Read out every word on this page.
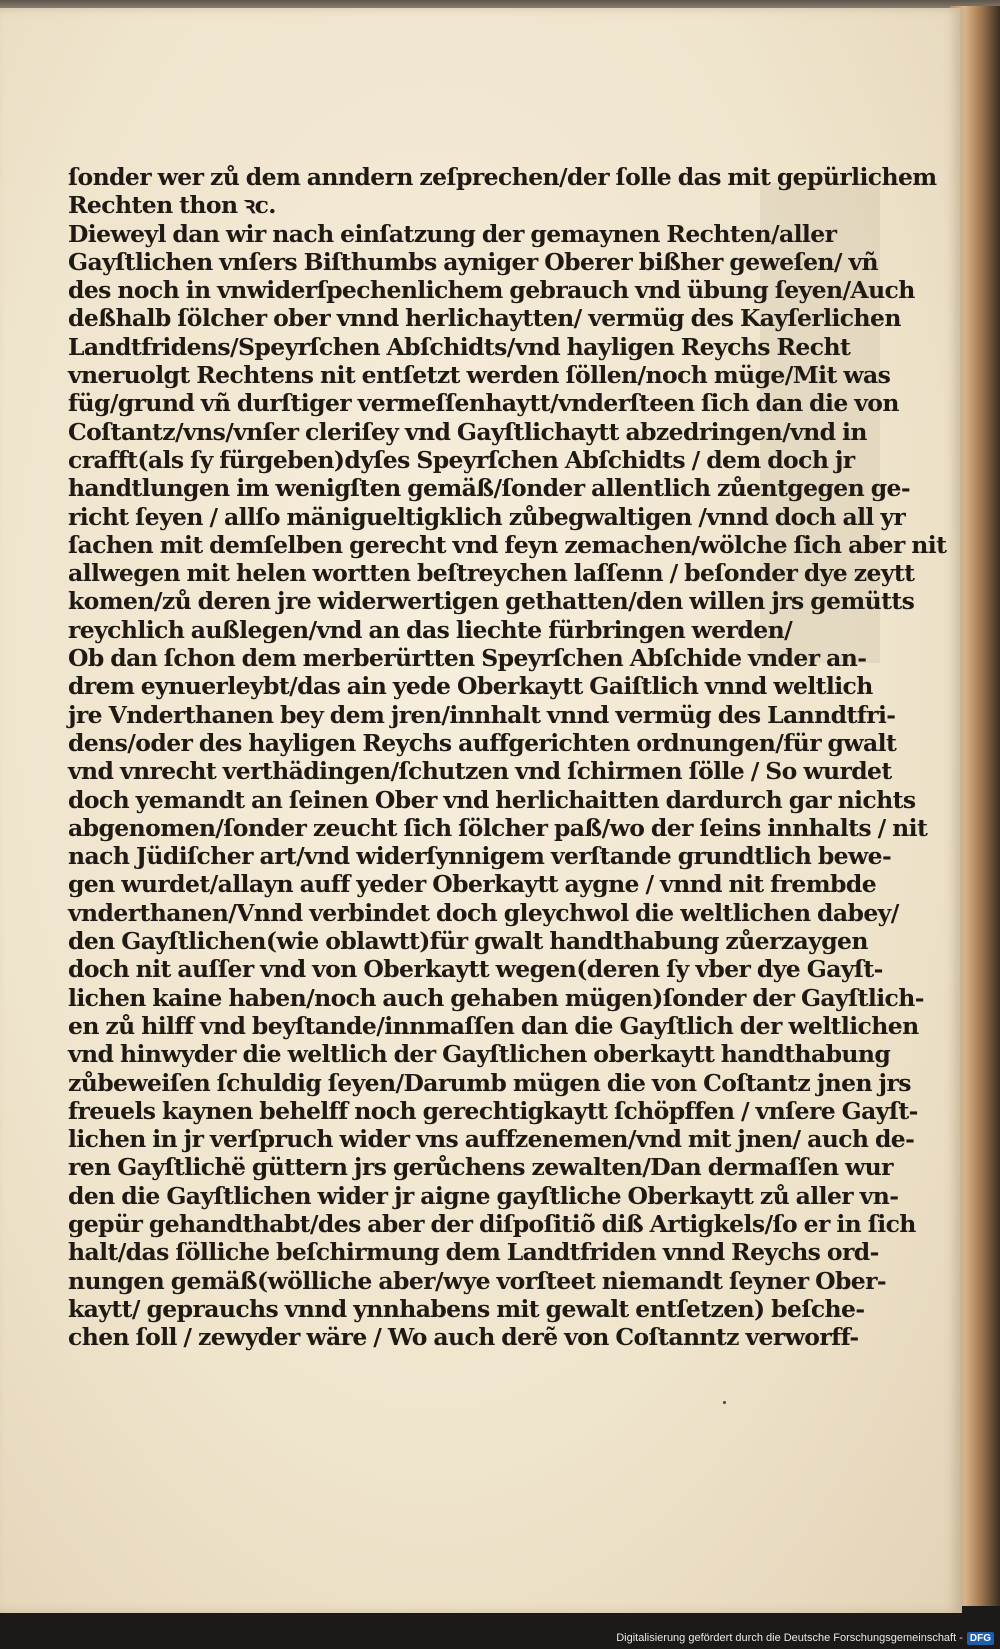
ſonder wer zů dem anndern zeſprechen/der ſolle das mit gepürlichem
Rechten thon ꝛc.
Dieweyl dan wir nach einſatzung der gemaynen Rechten/aller
Gayſtlichen vnſers Biſthumbs ayniger Oberer bißher geweſen/ vñ
des noch in vnwiderſpechenlichem gebrauch vnd übung ſeyen/Auch
deßhalb ſölcher ober vnnd herlichaytten/ vermüg des Kayſerlichen
Landtfridens/Speyrſchen Abſchidts/vnd hayligen Reychs Recht
vneruolgt Rechtens nit entſetzt werden ſöllen/noch müge/Mit was
füg/grund vñ durſtiger vermeſſenhaytt/vnderſteen ſich dan die von
Coſtantz/vns/vnſer cleriſey vnd Gayſtlichaytt abzedringen/vnd in
crafft(als ſy fürgeben)dyſes Speyrſchen Abſchidts / dem doch jr
handtlungen im wenigſten gemäß/ſonder allentlich zůentgegen ge-
richt ſeyen / allſo mänigueltigklich zůbegwaltigen /vnnd doch all yr
ſachen mit demſelben gerecht vnd feyn zemachen/wölche ſich aber nit
allwegen mit helen wortten beſtreychen laſſenn / beſonder dye zeytt
komen/zů deren jre widerwertigen gethatten/den willen jrs gemütts
reychlich außlegen/vnd an das liechte fürbringen werden/
Ob dan ſchon dem merberürtten Speyrſchen Abſchide vnder an-
drem eynuerleybt/das ain yede Oberkaytt Gaiſtlich vnnd weltlich
jre Vnderthanen bey dem jren/innhalt vnnd vermüg des Lanndtfri-
dens/oder des hayligen Reychs auffgerichten ordnungen/für gwalt
vnd vnrecht verthädingen/ſchutzen vnd ſchirmen ſölle / So wurdet
doch yemandt an ſeinen Ober vnd herlichaitten dardurch gar nichts
abgenomen/ſonder zeucht ſich ſölcher paß/wo der ſeins innhalts / nit
nach Jüdiſcher art/vnd widerſynnigem verſtande grundtlich bewe-
gen wurdet/allayn auff yeder Oberkaytt aygne / vnnd nit frembde
vnderthanen/Vnnd verbindet doch gleychwol die weltlichen dabey/
den Gayſtlichen(wie oblawtt)für gwalt handthabung zůerzaygen
doch nit auſſer vnd von Oberkaytt wegen(deren ſy vber dye Gayſt-
lichen kaine haben/noch auch gehaben mügen)ſonder der Gayſtlich-
en zů hilff vnd beyſtande/innmaſſen dan die Gayſtlich der weltlichen
vnd hinwyder die weltlich der Gayſtlichen oberkaytt handthabung
zůbeweiſen ſchuldig ſeyen/Darumb mügen die von Coſtantz jnen jrs
freuels kaynen behelff noch gerechtigkaytt ſchöpffen / vnſere Gayſt-
lichen in jr verſpruch wider vns auffzenemen/vnd mit jnen/ auch de-
ren Gayſtlichë güttern jrs gerůchens zewalten/Dan dermaſſen wur
den die Gayſtlichen wider jr aigne gayſtliche Oberkaytt zů aller vn-
gepür gehandthabt/des aber der diſpoſitiõ diß Artigkels/ſo er in ſich
halt/das ſölliche beſchirmung dem Landtfriden vnnd Reychs ord-
nungen gemäß(wölliche aber/wye vorſteet niemandt ſeyner Ober-
kaytt/ geprauchs vnnd ynnhabens mit gewalt entſetzen) beſche-
chen ſoll / zewyder wäre / Wo auch derẽ von Coſtanntz verworff-
Digitalisierung gefördert durch die Deutsche Forschungsgemeinschaft - DFG
